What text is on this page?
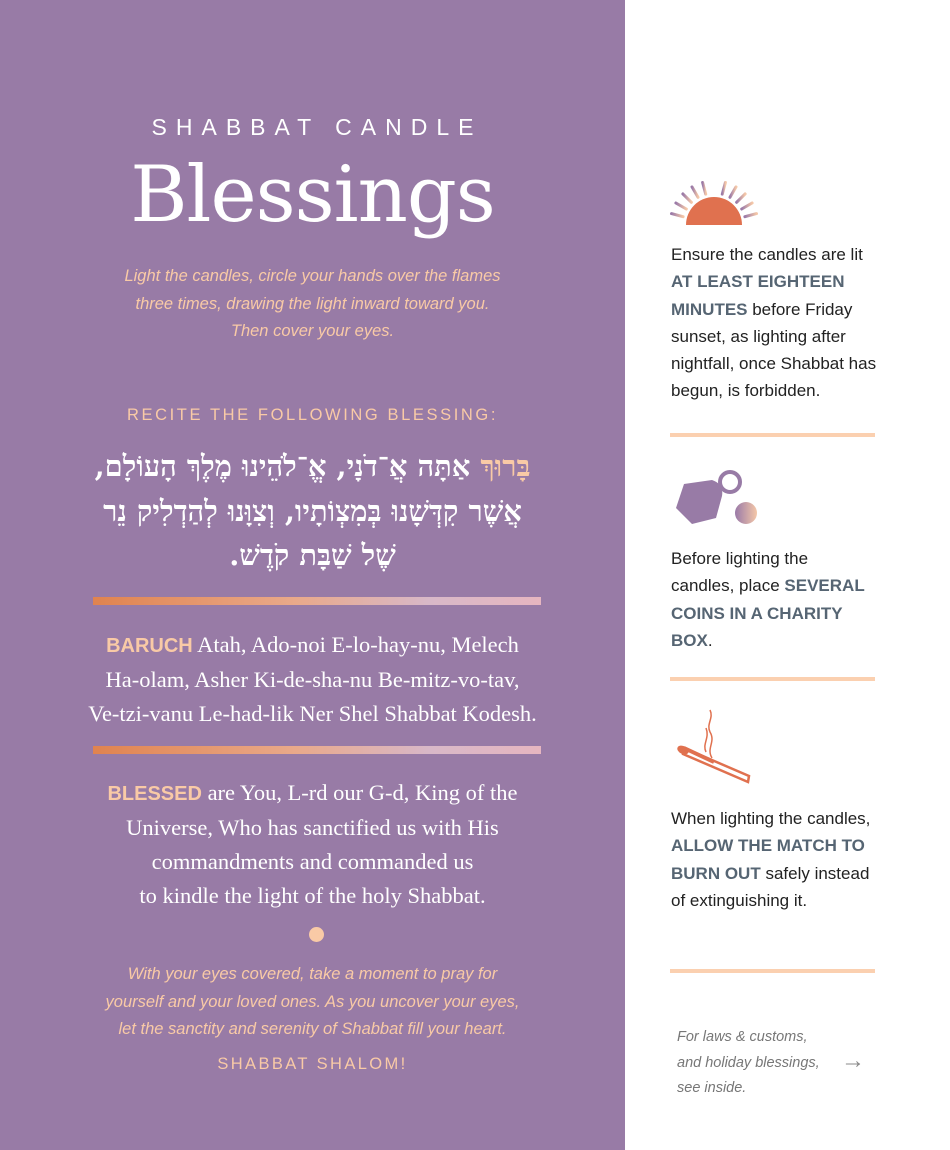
SHABBAT CANDLE
Blessings
Light the candles, circle your hands over the flames
three times, drawing the light inward toward you.
Then cover your eyes.
RECITE THE FOLLOWING BLESSING:
בָּרוּךְ אַתָּה אֲ־דֹנָי, אֱ־לֹהֵינוּ מֶלֶךְ הָעוֹלָם,
אֲשֶׁר קִדְּשָׁנוּ בְּמִצְוֹתָיו, וְצִוָּנוּ לְהַדְלִיק נֵר
שֶׁל שַׁבָּת קֹדֶשׁ.
BARUCH Atah, Ado-noi E-lo-hay-nu, Melech
Ha-olam, Asher Ki-de-sha-nu Be-mitz-vo-tav,
Ve-tzi-vanu Le-had-lik Ner Shel Shabbat Kodesh.
BLESSED are You, L-rd our G-d, King of the
Universe, Who has sanctified us with His
commandments and commanded us
to kindle the light of the holy Shabbat.
With your eyes covered, take a moment to pray for
yourself and your loved ones. As you uncover your eyes,
let the sanctity and serenity of Shabbat fill your heart.
SHABBAT SHALOM!
Ensure the candles are lit AT LEAST EIGHTEEN MINUTES before Friday sunset, as lighting after nightfall, once Shabbat has begun, is forbidden.
Before lighting the candles, place SEVERAL COINS IN A CHARITY BOX.
When lighting the candles, ALLOW THE MATCH TO BURN OUT safely instead of extinguishing it.
For laws & customs,
and holiday blessings,
see inside.
→
